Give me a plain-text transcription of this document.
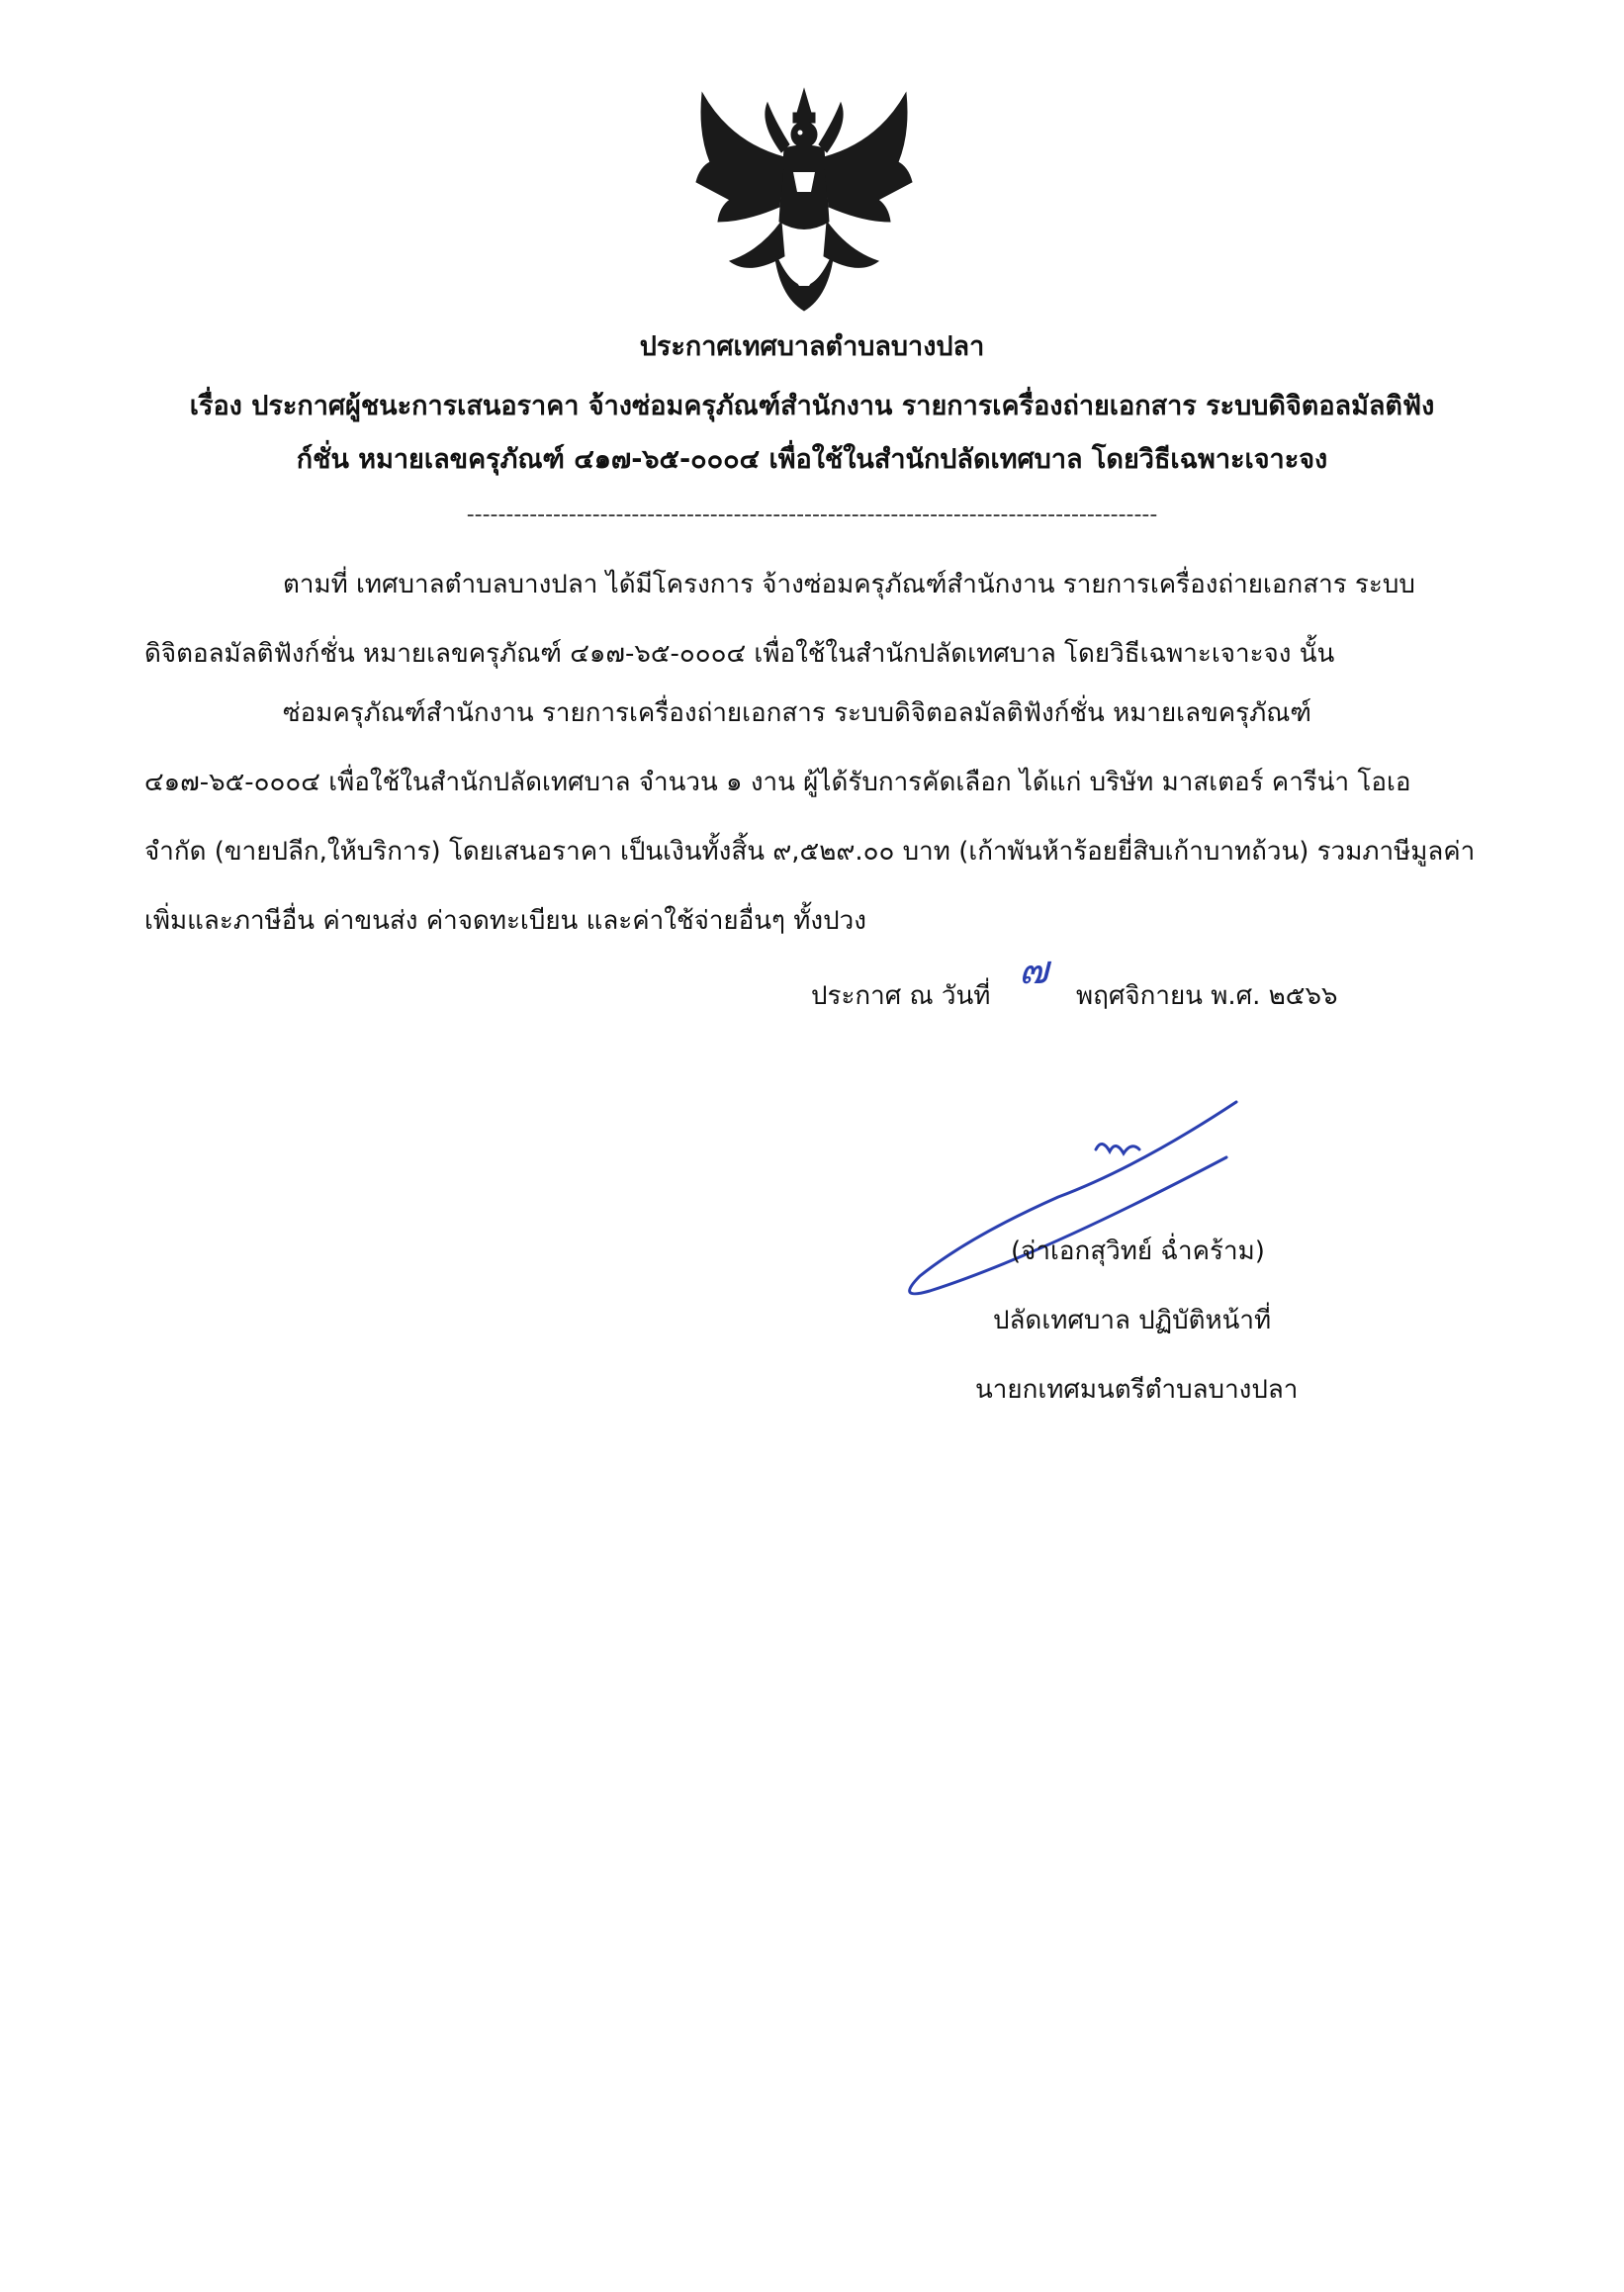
ประกาศเทศบาลตำบลบางปลา
เรื่อง ประกาศผู้ชนะการเสนอราคา จ้างซ่อมครุภัณฑ์สำนักงาน รายการเครื่องถ่ายเอกสาร ระบบดิจิตอลมัลติฟัง
ก์ชั่น หมายเลขครุภัณฑ์ ๔๑๗-๖๕-๐๐๐๔ เพื่อใช้ในสำนักปลัดเทศบาล โดยวิธีเฉพาะเจาะจง
----------------------------------------------------------------------------------------
ตามที่ เทศบาลตำบลบางปลา ได้มีโครงการ จ้างซ่อมครุภัณฑ์สำนักงาน รายการเครื่องถ่ายเอกสาร ระบบดิจิตอลมัลติฟังก์ชั่น หมายเลขครุภัณฑ์ ๔๑๗-๖๕-๐๐๐๔ เพื่อใช้ในสำนักปลัดเทศบาล โดยวิธีเฉพาะเจาะจง นั้น
ซ่อมครุภัณฑ์สำนักงาน รายการเครื่องถ่ายเอกสาร ระบบดิจิตอลมัลติฟังก์ชั่น หมายเลขครุภัณฑ์ ๔๑๗-๖๕-๐๐๐๔ เพื่อใช้ในสำนักปลัดเทศบาล จำนวน ๑ งาน ผู้ได้รับการคัดเลือก ได้แก่ บริษัท มาสเตอร์ คารีน่า โอเอ จำกัด (ขายปลีก,ให้บริการ) โดยเสนอราคา เป็นเงินทั้งสิ้น ๙,๕๒๙.๐๐ บาท (เก้าพันห้าร้อยยี่สิบเก้าบาทถ้วน) รวมภาษีมูลค่าเพิ่มและภาษีอื่น ค่าขนส่ง ค่าจดทะเบียน และค่าใช้จ่ายอื่นๆ ทั้งปวง
ประกาศ ณ วันที่	พฤศจิกายน พ.ศ. ๒๕๖๖
๗
(จ่าเอกสุวิทย์ ฉ่ำคร้าม)
ปลัดเทศบาล ปฏิบัติหน้าที่
นายกเทศมนตรีตำบลบางปลา
